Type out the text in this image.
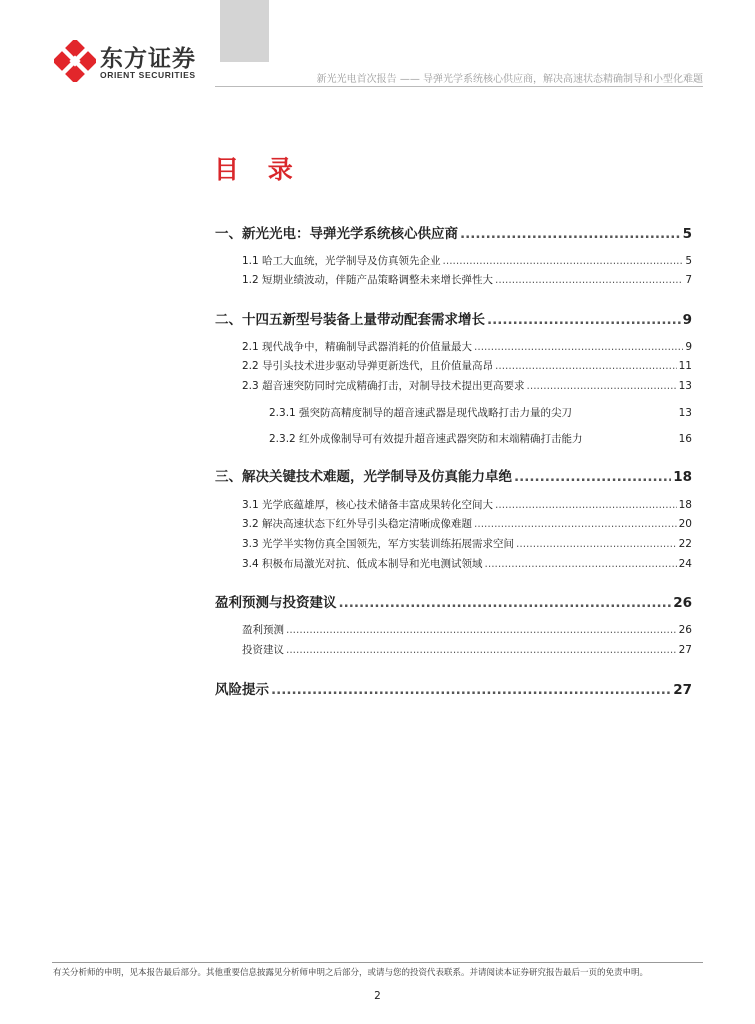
东方证券
ORIENT SECURITIES	新光光电首次报告 —— 导弹光学系统核心供应商，解决高速状态精确制导和小型化难题
目 录
一、新光光电：导弹光学系统核心供应商 .....	5
1.1 哈工大血统，光学制导及仿真领先企业 .....	5
1.2 短期业绩波动，伴随产品策略调整未来增长弹性大 .....	7
二、十四五新型号装备上量带动配套需求增长 .....	9
2.1 现代战争中，精确制导武器消耗的价值量最大 .....	9
2.2 导引头技术进步驱动导弹更新迭代，且价值量高昂 .....	11
2.3 超音速突防同时完成精确打击，对制导技术提出更高要求 .....	13
2.3.1 强突防高精度制导的超音速武器是现代战略打击力量的尖刀	13
2.3.2 红外成像制导可有效提升超音速武器突防和末端精确打击能力	16
三、解决关键技术难题，光学制导及仿真能力卓绝 .....	18
3.1 光学底蕴雄厚，核心技术储备丰富成果转化空间大 .....	18
3.2 解决高速状态下红外导引头稳定清晰成像难题 .....	20
3.3 光学半实物仿真全国领先，军方实装训练拓展需求空间 .....	22
3.4 积极布局激光对抗、低成本制导和光电测试领域 .....	24
盈利预测与投资建议 .....	26
盈利预测 .....	26
投资建议 .....	27
风险提示 .....	27
有关分析师的申明，见本报告最后部分。其他重要信息披露见分析师申明之后部分，或请与您的投资代表联系。并请阅读本证券研究报告最后一页的免责申明。
2
